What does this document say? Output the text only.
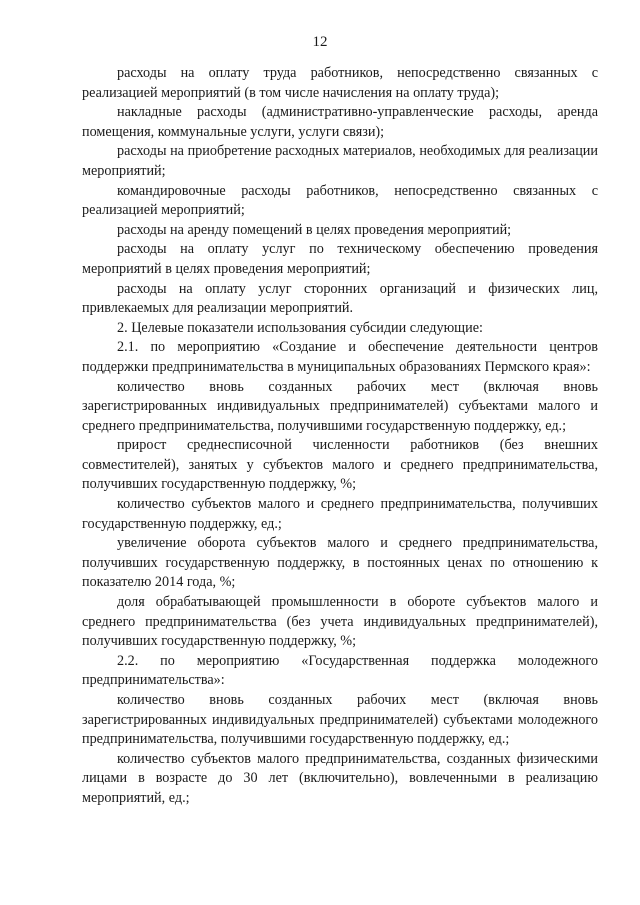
12

расходы на оплату труда работников, непосредственно связанных с реализацией мероприятий (в том числе начисления на оплату труда);

накладные расходы (административно-управленческие расходы, аренда помещения, коммунальные услуги, услуги связи);

расходы на приобретение расходных материалов, необходимых для реализации мероприятий;

командировочные расходы работников, непосредственно связанных с реализацией мероприятий;

расходы на аренду помещений в целях проведения мероприятий;

расходы на оплату услуг по техническому обеспечению проведения мероприятий в целях проведения мероприятий;

расходы на оплату услуг сторонних организаций и физических лиц, привлекаемых для реализации мероприятий.

2. Целевые показатели использования субсидии следующие:

2.1. по мероприятию «Создание и обеспечение деятельности центров поддержки предпринимательства в муниципальных образованиях Пермского края»:

количество вновь созданных рабочих мест (включая вновь зарегистрированных индивидуальных предпринимателей) субъектами малого и среднего предпринимательства, получившими государственную поддержку, ед.;

прирост среднесписочной численности работников (без внешних совместителей), занятых у субъектов малого и среднего предпринимательства, получивших государственную поддержку, %;

количество субъектов малого и среднего предпринимательства, получивших государственную поддержку, ед.;

увеличение оборота субъектов малого и среднего предпринимательства, получивших государственную поддержку, в постоянных ценах по отношению к показателю 2014 года, %;

доля обрабатывающей промышленности в обороте субъектов малого и среднего предпринимательства (без учета индивидуальных предпринимателей), получивших государственную поддержку, %;

2.2. по мероприятию «Государственная поддержка молодежного предпринимательства»:

количество вновь созданных рабочих мест (включая вновь зарегистрированных индивидуальных предпринимателей) субъектами молодежного предпринимательства, получившими государственную поддержку, ед.;

количество субъектов малого предпринимательства, созданных физическими лицами в возрасте до 30 лет (включительно), вовлеченными в реализацию мероприятий, ед.;
